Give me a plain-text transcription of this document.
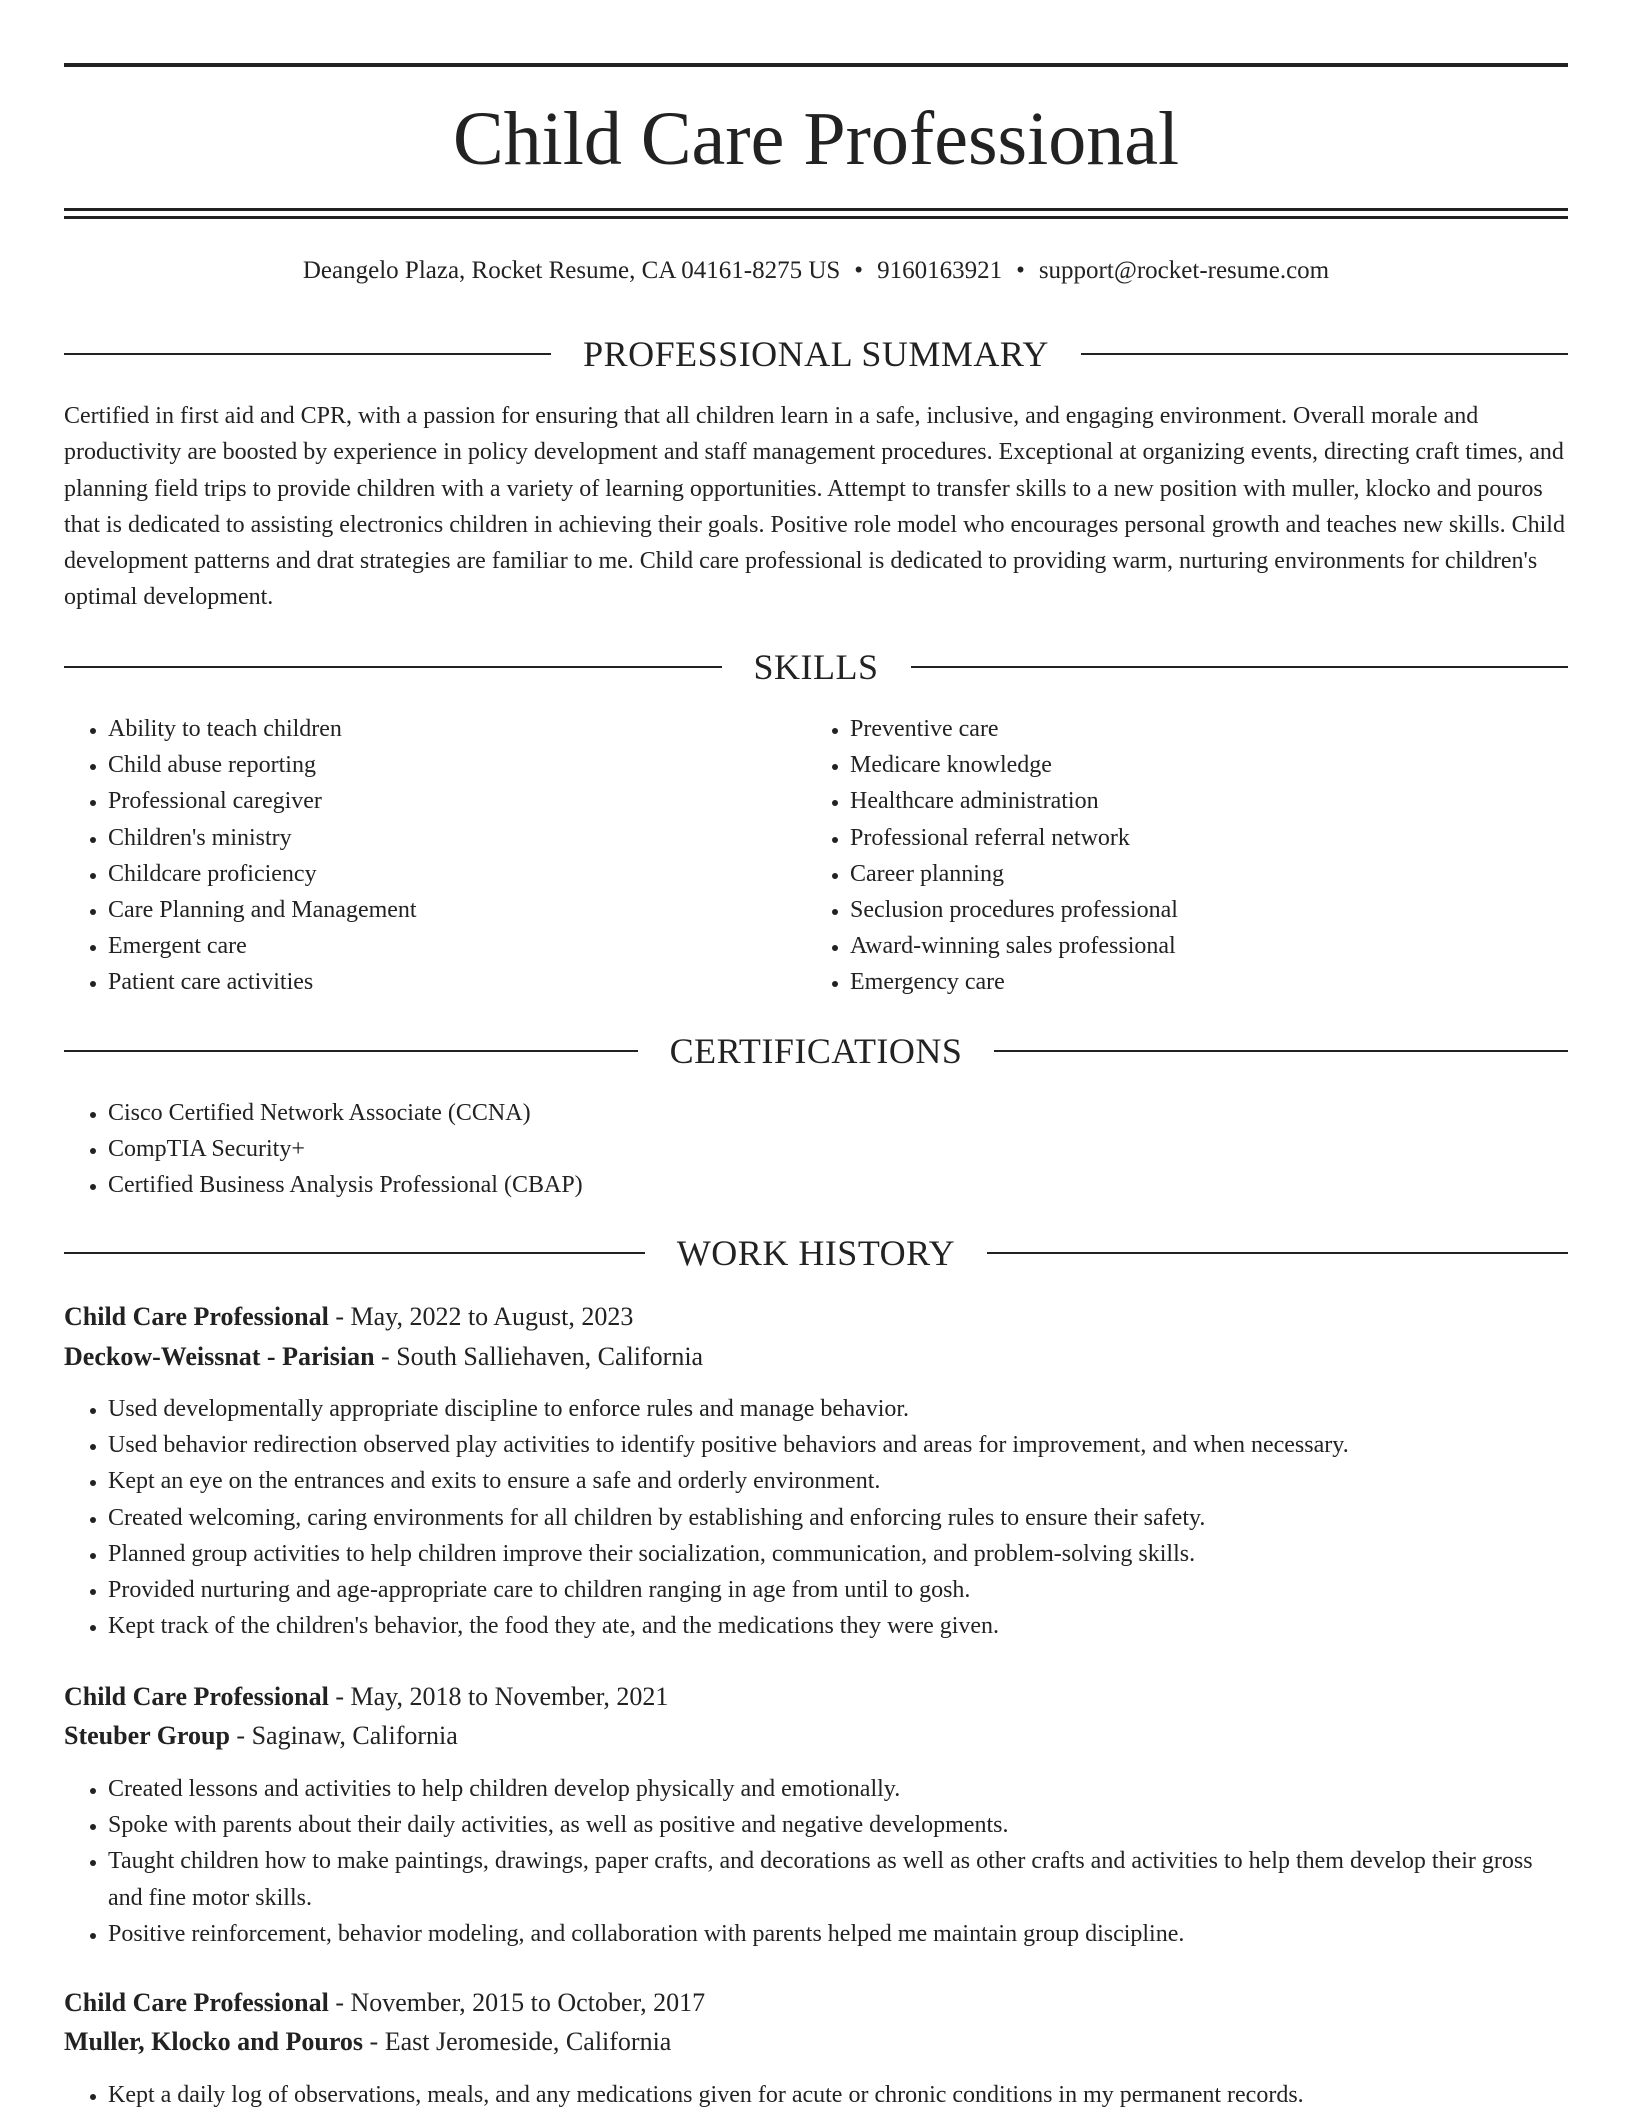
Child Care Professional
Deangelo Plaza, Rocket Resume, CA 04161-8275 US • 9160163921 • support@rocket-resume.com
PROFESSIONAL SUMMARY

Certified in first aid and CPR, with a passion for ensuring that all children learn in a safe, inclusive, and engaging environment. Overall morale and productivity are boosted by experience in policy development and staff management procedures. Exceptional at organizing events, directing craft times, and planning field trips to provide children with a variety of learning opportunities. Attempt to transfer skills to a new position with muller, klocko and pouros that is dedicated to assisting electronics children in achieving their goals. Positive role model who encourages personal growth and teaches new skills. Child development patterns and drat strategies are familiar to me. Child care professional is dedicated to providing warm, nurturing environments for children's optimal development.

SKILLS
• Ability to teach children
• Child abuse reporting
• Professional caregiver
• Children's ministry
• Childcare proficiency
• Care Planning and Management
• Emergent care
• Patient care activities
• Preventive care
• Medicare knowledge
• Healthcare administration
• Professional referral network
• Career planning
• Seclusion procedures professional
• Award-winning sales professional
• Emergency care
CERTIFICATIONS
• Cisco Certified Network Associate (CCNA)
• CompTIA Security+
• Certified Business Analysis Professional (CBAP)
WORK HISTORY
Child Care Professional - May, 2022 to August, 2023
Deckow-Weissnat - Parisian - South Salliehaven, California
• Used developmentally appropriate discipline to enforce rules and manage behavior.
• Used behavior redirection observed play activities to identify positive behaviors and areas for improvement, and when necessary.
• Kept an eye on the entrances and exits to ensure a safe and orderly environment.
• Created welcoming, caring environments for all children by establishing and enforcing rules to ensure their safety.
• Planned group activities to help children improve their socialization, communication, and problem-solving skills.
• Provided nurturing and age-appropriate care to children ranging in age from until to gosh.
• Kept track of the children's behavior, the food they ate, and the medications they were given.
Child Care Professional - May, 2018 to November, 2021
Steuber Group - Saginaw, California
• Created lessons and activities to help children develop physically and emotionally.
• Spoke with parents about their daily activities, as well as positive and negative developments.
• Taught children how to make paintings, drawings, paper crafts, and decorations as well as other crafts and activities to help them develop their gross and fine motor skills.
• Positive reinforcement, behavior modeling, and collaboration with parents helped me maintain group discipline.
Child Care Professional - November, 2015 to October, 2017
Muller, Klocko and Pouros - East Jeromeside, California
• Kept a daily log of observations, meals, and any medications given for acute or chronic conditions in my permanent records.
